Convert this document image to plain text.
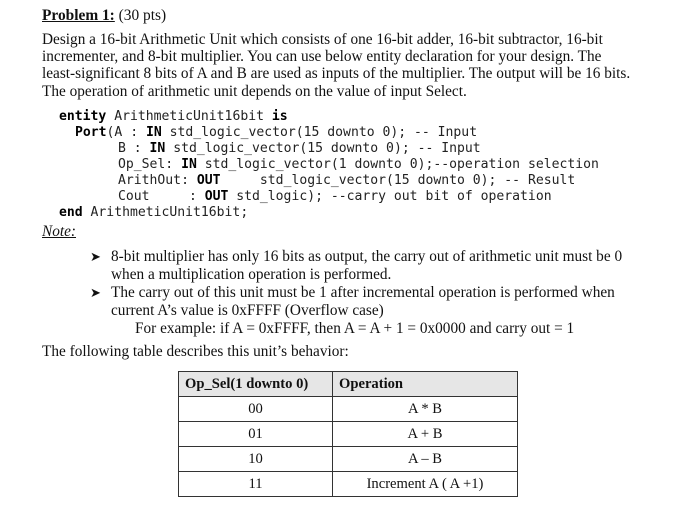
Problem 1: (30 pts)
Design a 16-bit Arithmetic Unit which consists of one 16-bit adder, 16-bit subtractor, 16-bit
incrementer, and 8-bit multiplier. You can use below entity declaration for your design. The
least-significant 8 bits of A and B are used as inputs of the multiplier. The output will be 16 bits.
The operation of arithmetic unit depends on the value of input Select.
entity ArithmeticUnit16bit is
Port(A : IN std_logic_vector(15 downto 0); -- Input
B : IN std_logic_vector(15 downto 0); -- Input
Op_Sel: IN std_logic_vector(1 downto 0);--operation selection
ArithOut: OUT     std_logic_vector(15 downto 0); -- Result
Cout     : OUT std_logic); --carry out bit of operation
end ArithmeticUnit16bit;
Note:
➤ 8-bit multiplier has only 16 bits as output, the carry out of arithmetic unit must be 0
when a multiplication operation is performed.
➤ The carry out of this unit must be 1 after incremental operation is performed when
current A’s value is 0xFFFF (Overflow case)
For example: if A = 0xFFFF, then A = A + 1 = 0x0000 and carry out = 1
The following table describes this unit’s behavior:
Op_Sel(1 downto 0)	Operation
00	A * B
01	A + B
10	A – B
11	Increment A ( A +1)
